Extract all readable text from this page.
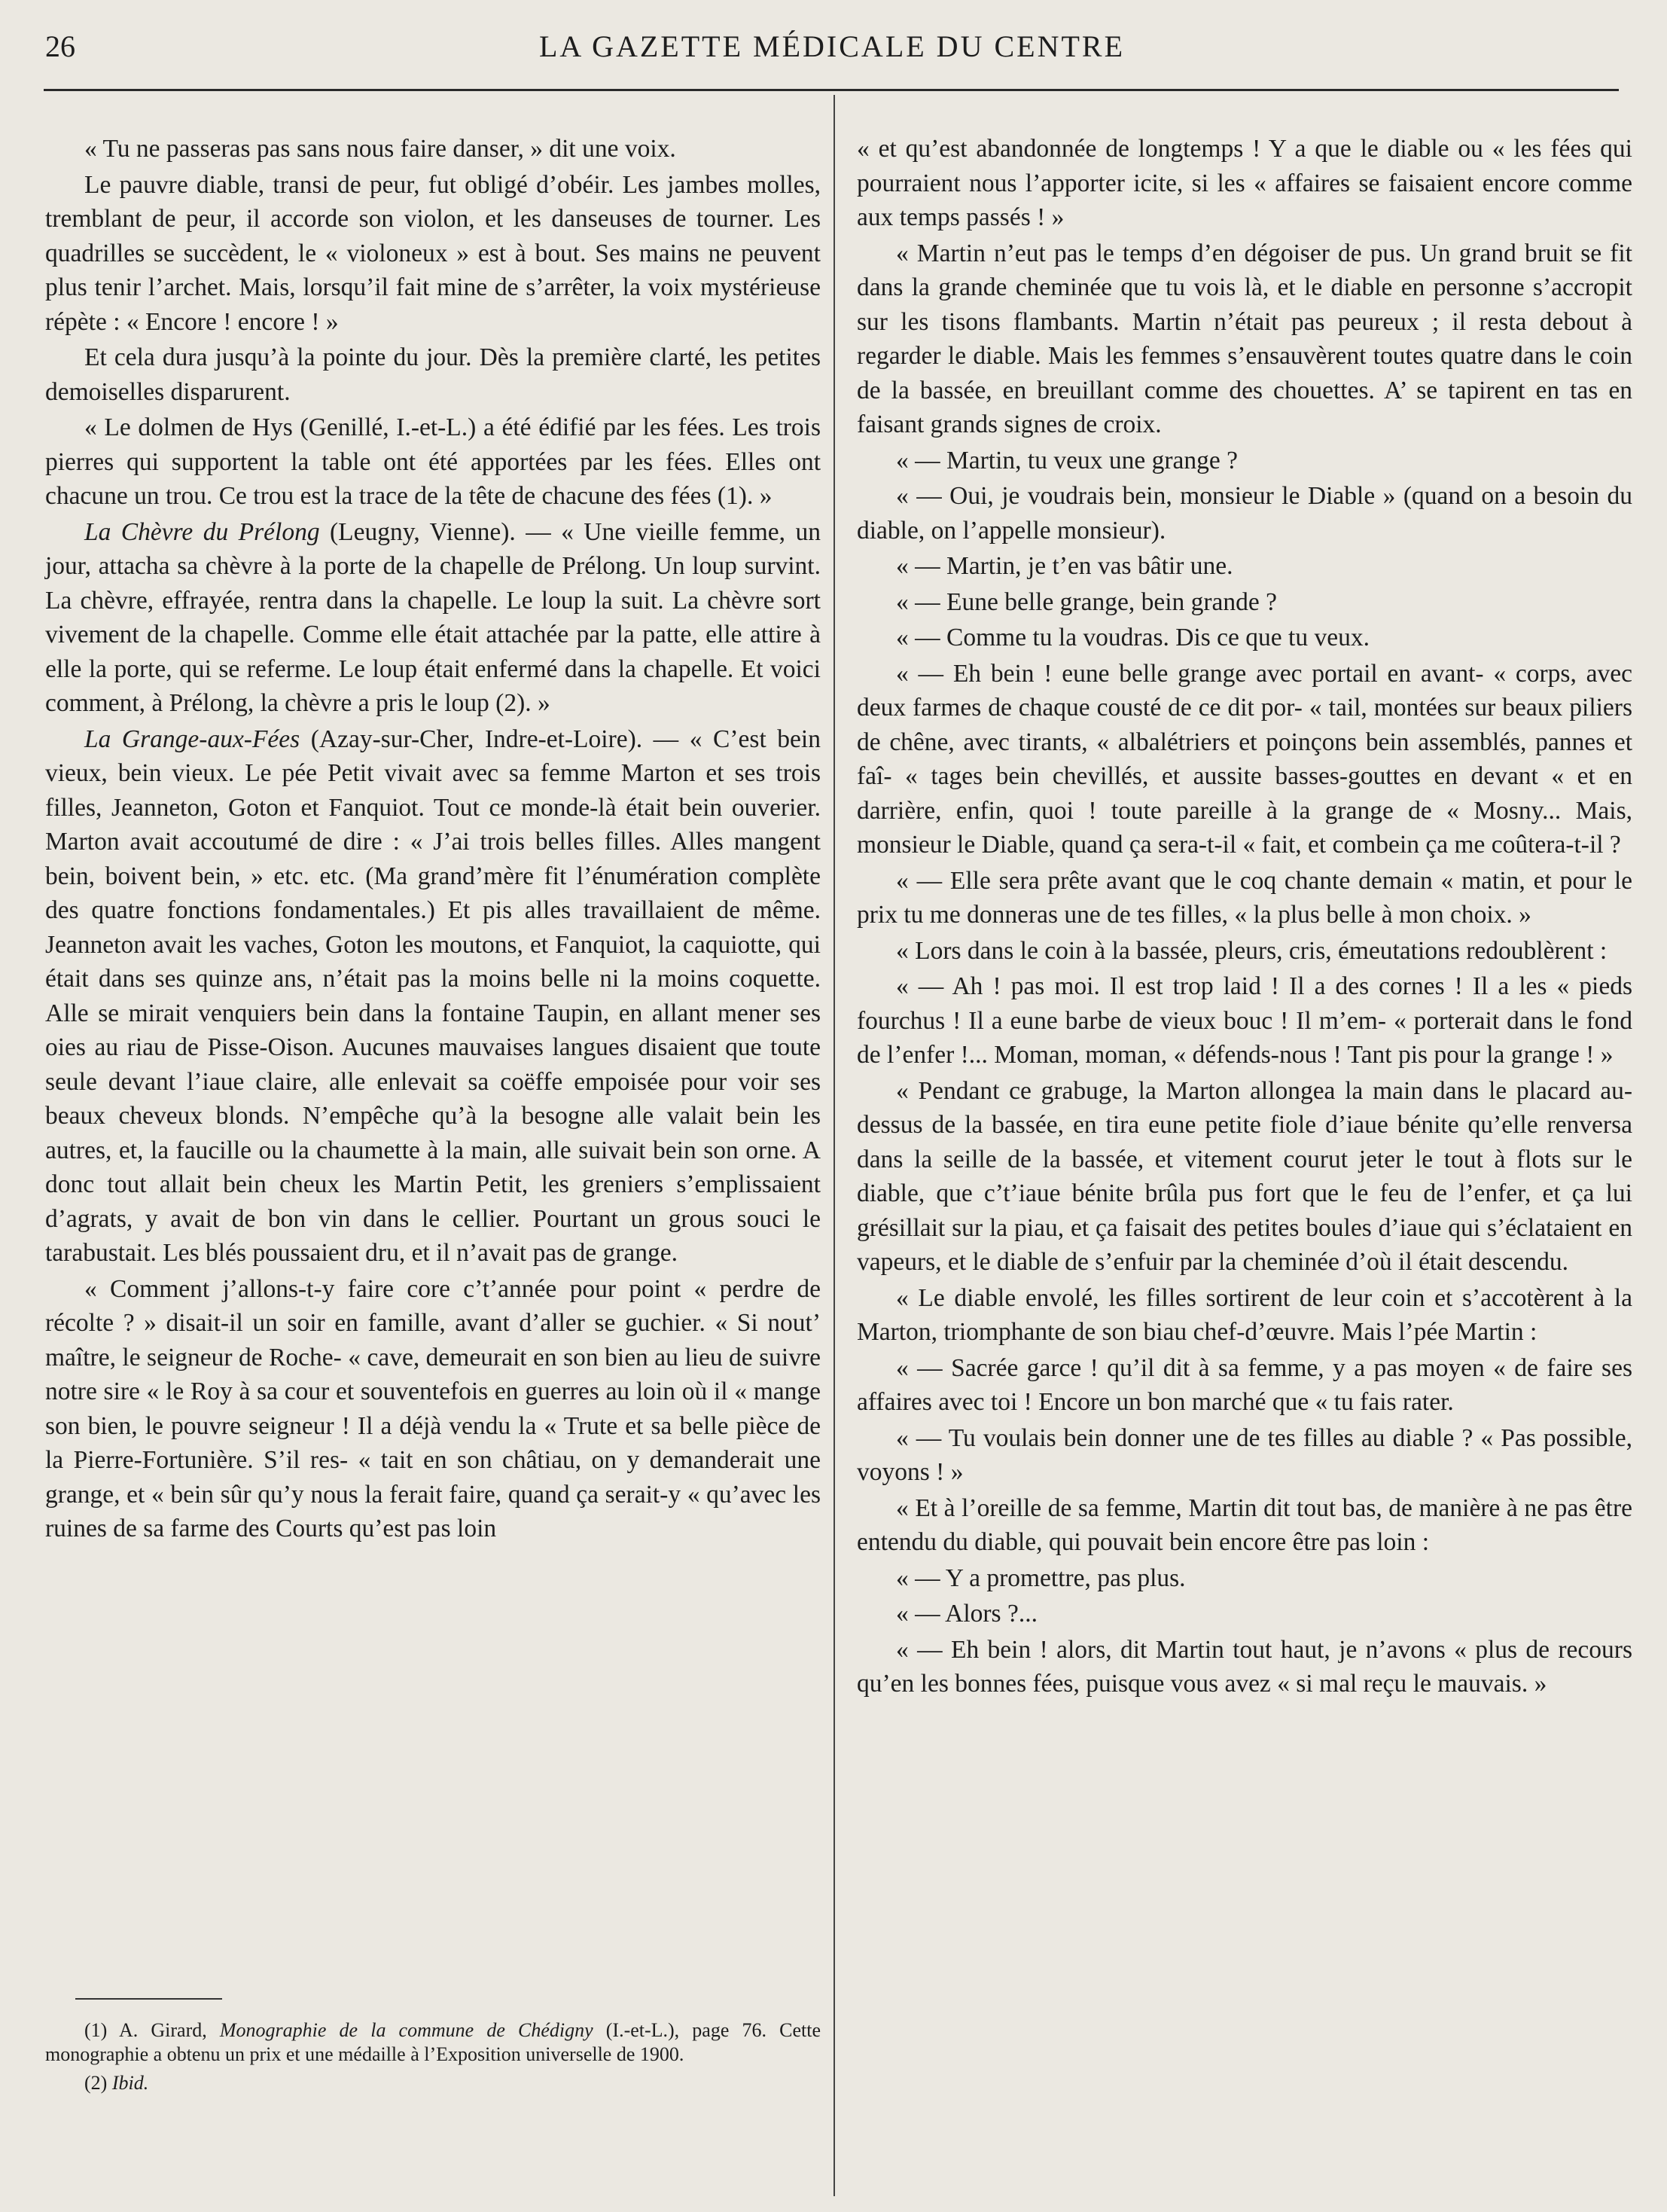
26	LA GAZETTE MÉDICALE DU CENTRE

« Tu ne passeras pas sans nous faire danser, » dit une voix.

Le pauvre diable, transi de peur, fut obligé d’obéir. Les jambes molles, tremblant de peur, il accorde son violon, et les danseuses de tourner. Les quadrilles se succèdent, le « violoneux » est à bout. Ses mains ne peuvent plus tenir l’archet. Mais, lorsqu’il fait mine de s’arrêter, la voix mystérieuse répète : « Encore ! encore ! »

Et cela dura jusqu’à la pointe du jour. Dès la première clarté, les petites demoiselles disparurent.

« Le dolmen de Hys (Genillé, I.-et-L.) a été édifié par les fées. Les trois pierres qui supportent la table ont été apportées par les fées. Elles ont chacune un trou. Ce trou est la trace de la tête de chacune des fées (1). »

La Chèvre du Prélong (Leugny, Vienne). — « Une vieille femme, un jour, attacha sa chèvre à la porte de la chapelle de Prélong. Un loup survint. La chèvre, effrayée, rentra dans la chapelle. Le loup la suit. La chèvre sort vivement de la chapelle. Comme elle était attachée par la patte, elle attire à elle la porte, qui se referme. Le loup était enfermé dans la chapelle. Et voici comment, à Prélong, la chèvre a pris le loup (2). »

La Grange-aux-Fées (Azay-sur-Cher, Indre-et-Loire). — « C’est bein vieux, bein vieux. Le pée Petit vivait avec sa femme Marton et ses trois filles, Jeanneton, Goton et Fanquiot. Tout ce monde-là était bein ouverier. Marton avait accoutumé de dire : « J’ai trois belles filles. Alles mangent bein, boivent bein, » etc. etc. (Ma grand’mère fit l’énumération complète des quatre fonctions fondamentales.) Et pis alles travaillaient de même. Jeanneton avait les vaches, Goton les moutons, et Fanquiot, la caquiotte, qui était dans ses quinze ans, n’était pas la moins belle ni la moins coquette. Alle se mirait venquiers bein dans la fontaine Taupin, en allant mener ses oies au riau de Pisse-Oison. Aucunes mauvaises langues disaient que toute seule devant l’iaue claire, alle enlevait sa coëffe empoisée pour voir ses beaux cheveux blonds. N’empêche qu’à la besogne alle valait bein les autres, et, la faucille ou la chaumette à la main, alle suivait bein son orne. A donc tout allait bein cheux les Martin Petit, les greniers s’emplissaient d’agrats, y avait de bon vin dans le cellier. Pourtant un grous souci le tarabustait. Les blés poussaient dru, et il n’avait pas de grange.

« Comment j’allons-t-y faire core c’t’année pour point « perdre de récolte ? » disait-il un soir en famille, avant d’aller se guchier. « Si nout’ maître, le seigneur de Roche- « cave, demeurait en son bien au lieu de suivre notre sire « le Roy à sa cour et souventefois en guerres au loin où il « mange son bien, le pouvre seigneur ! Il a déjà vendu la « Trute et sa belle pièce de la Pierre-Fortunière. S’il res- « tait en son châtiau, on y demanderait une grange, et « bein sûr qu’y nous la ferait faire, quand ça serait-y « qu’avec les ruines de sa farme des Courts qu’est pas loin

« et qu’est abandonnée de longtemps ! Y a que le diable ou « les fées qui pourraient nous l’apporter icite, si les « affaires se faisaient encore comme aux temps passés ! »

« Martin n’eut pas le temps d’en dégoiser de pus. Un grand bruit se fit dans la grande cheminée que tu vois là, et le diable en personne s’accropit sur les tisons flambants. Martin n’était pas peureux ; il resta debout à regarder le diable. Mais les femmes s’ensauvèrent toutes quatre dans le coin de la bassée, en breuillant comme des chouettes. A’ se tapirent en tas en faisant grands signes de croix.

« — Martin, tu veux une grange ?

« — Oui, je voudrais bein, monsieur le Diable » (quand on a besoin du diable, on l’appelle monsieur).

« — Martin, je t’en vas bâtir une.

« — Eune belle grange, bein grande ?

« — Comme tu la voudras. Dis ce que tu veux.

« — Eh bein ! eune belle grange avec portail en avant- « corps, avec deux farmes de chaque cousté de ce dit por- « tail, montées sur beaux piliers de chêne, avec tirants, « albalétriers et poinçons bein assemblés, pannes et faî- « tages bein chevillés, et aussite basses-gouttes en devant « et en darrière, enfin, quoi ! toute pareille à la grange de « Mosny... Mais, monsieur le Diable, quand ça sera-t-il « fait, et combein ça me coûtera-t-il ?

« — Elle sera prête avant que le coq chante demain « matin, et pour le prix tu me donneras une de tes filles, « la plus belle à mon choix. »

« Lors dans le coin à la bassée, pleurs, cris, émeutations redoublèrent :

« — Ah ! pas moi. Il est trop laid ! Il a des cornes ! Il a les « pieds fourchus ! Il a eune barbe de vieux bouc ! Il m’em- « porterait dans le fond de l’enfer !... Moman, moman, « défends-nous ! Tant pis pour la grange ! »

« Pendant ce grabuge, la Marton allongea la main dans le placard au-dessus de la bassée, en tira eune petite fiole d’iaue bénite qu’elle renversa dans la seille de la bassée, et vitement courut jeter le tout à flots sur le diable, que c’t’iaue bénite brûla pus fort que le feu de l’enfer, et ça lui grésillait sur la piau, et ça faisait des petites boules d’iaue qui s’éclataient en vapeurs, et le diable de s’enfuir par la cheminée d’où il était descendu.

« Le diable envolé, les filles sortirent de leur coin et s’accotèrent à la Marton, triomphante de son biau chef-d’œuvre. Mais l’pée Martin :

« — Sacrée garce ! qu’il dit à sa femme, y a pas moyen « de faire ses affaires avec toi ! Encore un bon marché que « tu fais rater.

« — Tu voulais bein donner une de tes filles au diable ? « Pas possible, voyons ! »

« Et à l’oreille de sa femme, Martin dit tout bas, de manière à ne pas être entendu du diable, qui pouvait bein encore être pas loin :

« — Y a promettre, pas plus.

« — Alors ?...

« — Eh bein ! alors, dit Martin tout haut, je n’avons « plus de recours qu’en les bonnes fées, puisque vous avez « si mal reçu le mauvais. »

(1) A. Girard, Monographie de la commune de Chédigny (I.-et-L.), page 76. Cette monographie a obtenu un prix et une médaille à l’Exposition universelle de 1900.

(2) Ibid.
